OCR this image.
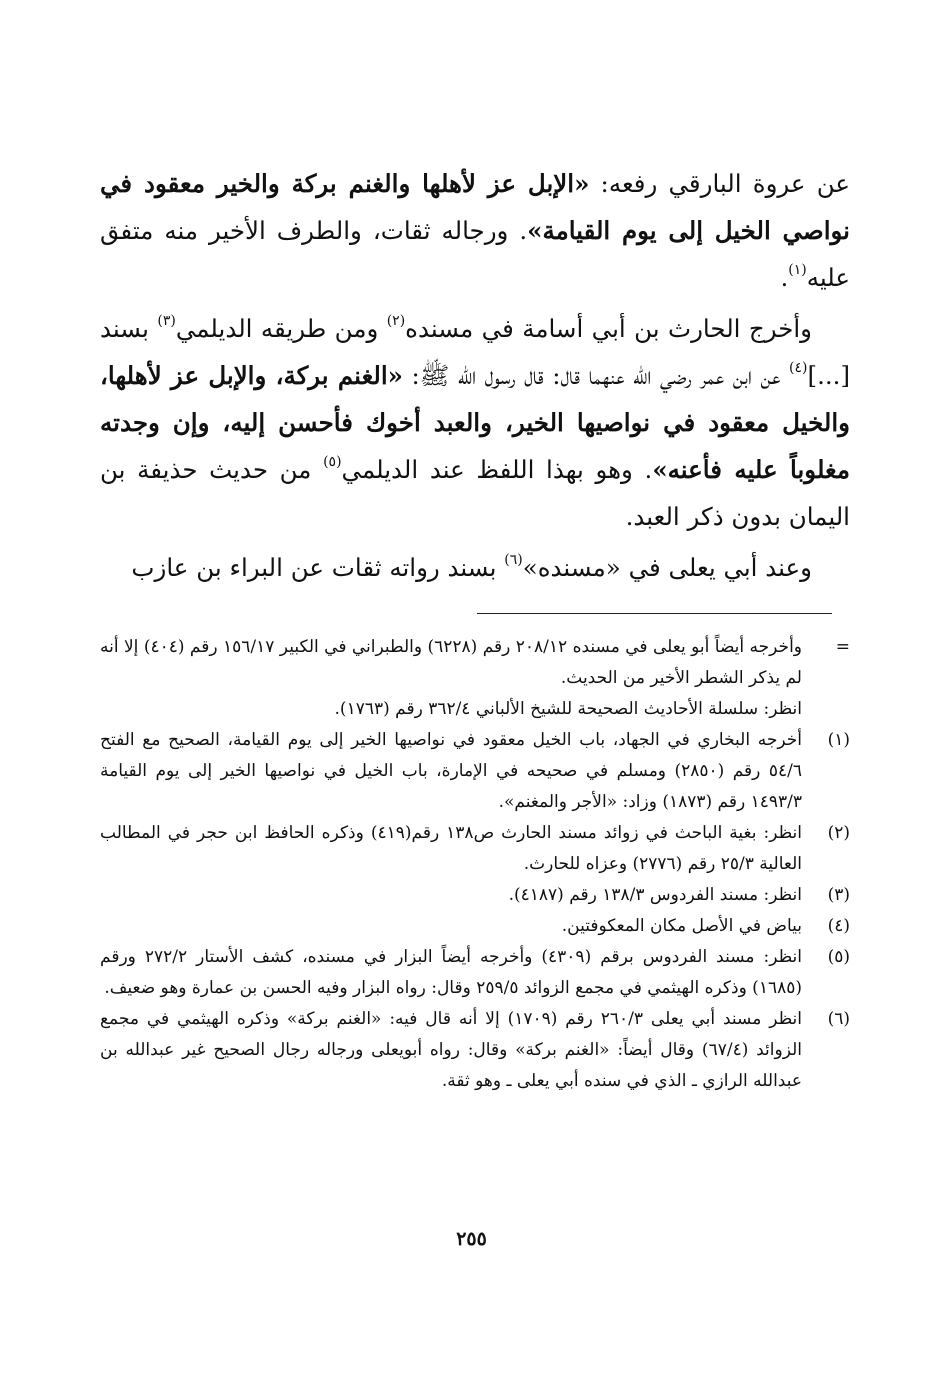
عن عروة البارقي رفعه: «الإبل عز لأهلها والغنم بركة والخير معقود في نواصي الخيل إلى يوم القيامة». ورجاله ثقات، والطرف الأخير منه متفق عليه$^{(١)}$.

وأخرج الحارث بن أبي أسامة في مسنده$^{(٢)}$ ومن طريقه الديلمي$^{(٣)}$ بسند [...]$^{(٤)}$ عن ابن عمر رضي الله عنهما قال: قال رسول الله ﷺ: «الغنم بركة، والإبل عز لأهلها، والخيل معقود في نواصيها الخير، والعبد أخوك فأحسن إليه، وإن وجدته مغلوباً عليه فأعنه». وهو بهذا اللفظ عند الديلمي$^{(٥)}$ من حديث حذيفة بن اليمان بدون ذكر العبد.

وعند أبي يعلى في «مسنده»$^{(٦)}$ بسند رواته ثقات عن البراء بن عازب

=
وأخرجه أيضاً أبو يعلى في مسنده ٢٠٨/١٢ رقم (٦٢٢٨) والطبراني في الكبير ١٥٦/١٧ رقم (٤٠٤) إلا أنه لم يذكر الشطر الأخير من الحديث.
انظر: سلسلة الأحاديث الصحيحة للشيخ الألباني ٣٦٢/٤ رقم (١٧٦٣).
(١)
أخرجه البخاري في الجهاد، باب الخيل معقود في نواصيها الخير إلى يوم القيامة، الصحيح مع الفتح ٥٤/٦ رقم (٢٨٥٠) ومسلم في صحيحه في الإمارة، باب الخيل في نواصيها الخير إلى يوم القيامة ١٤٩٣/٣ رقم (١٨٧٣) وزاد: «الأجر والمغنم».
(٢)
انظر: بغية الباحث في زوائد مسند الحارث ص١٣٨ رقم(٤١٩) وذكره الحافظ ابن حجر في المطالب العالية ٢٥/٣ رقم (٢٧٧٦) وعزاه للحارث.
(٣)
انظر: مسند الفردوس ١٣٨/٣ رقم (٤١٨٧).
(٤)
بياض في الأصل مكان المعكوفتين.
(٥)
انظر: مسند الفردوس برقم (٤٣٠٩) وأخرجه أيضاً البزار في مسنده، كشف الأستار ٢٧٢/٢ ورقم (١٦٨٥) وذكره الهيثمي في مجمع الزوائد ٢٥٩/٥ وقال: رواه البزار وفيه الحسن بن عمارة وهو ضعيف.
(٦)
انظر مسند أبي يعلى ٢٦٠/٣ رقم (١٧٠٩) إلا أنه قال فيه: «الغنم بركة» وذكره الهيثمي في مجمع الزوائد (٦٧/٤) وقال أيضاً: «الغنم بركة» وقال: رواه أبويعلى ورجاله رجال الصحيح غير عبدالله بن عبدالله الرازي ـ الذي في سنده أبي يعلى ـ وهو ثقة.
٢٥٥
